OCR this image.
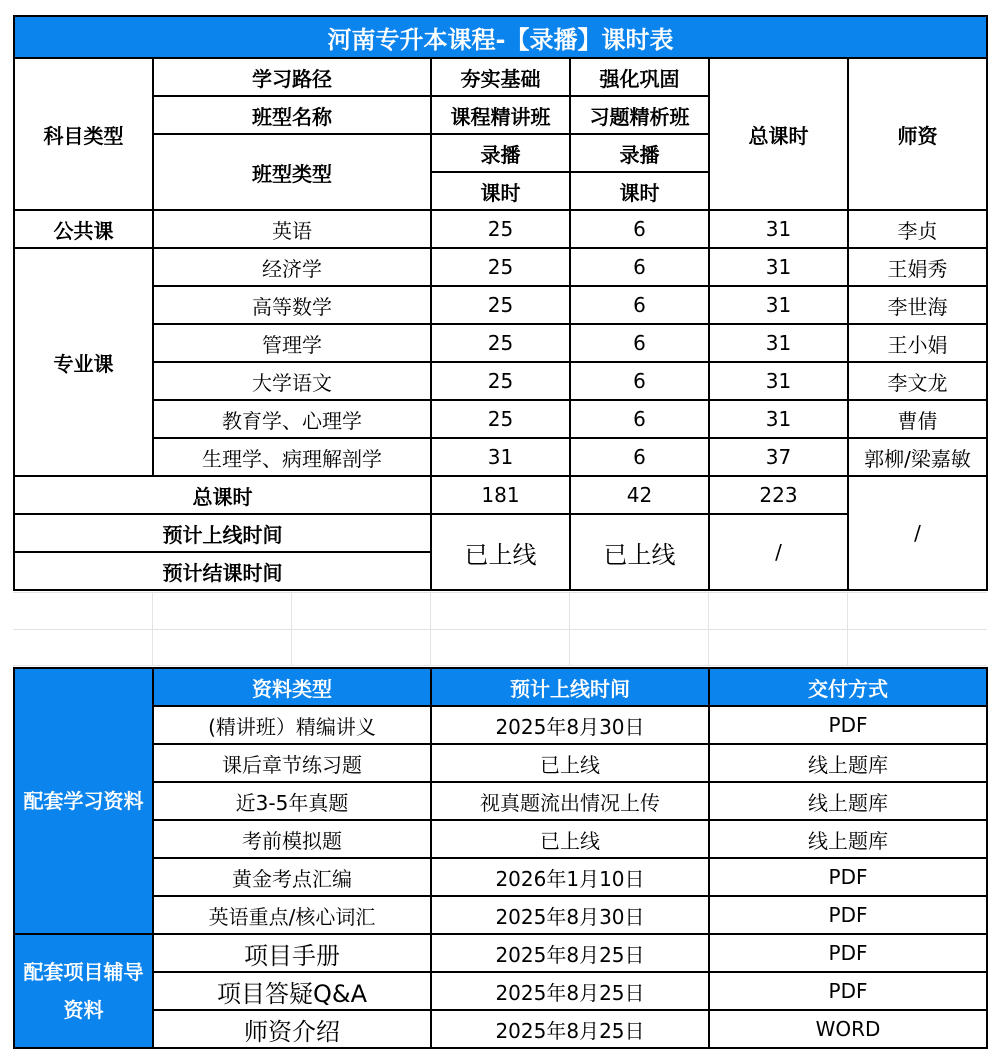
河南专升本课程-【录播】课时表					
科目类型	学习路径	夯实基础	强化巩固	总课时	师资
	班型名称	课程精讲班	习题精析班		
	班型类型	录播	录播		
		课时	课时		
公共课	英语	25	6	31	李贞
专业课	经济学	25	6	31	王娟秀
	高等数学	25	6	31	李世海
	管理学	25	6	31	王小娟
	大学语文	25	6	31	李文龙
	教育学、心理学	25	6	31	曹倩
	生理学、病理解剖学	31	6	37	郭柳/梁嘉敏
总课时		181	42	223	/
预计上线时间		已上线	已上线	/	
预计结课时间					
配套学习资料	资料类型	预计上线时间	交付方式
	(精讲班）精编讲义	2025年8月30日	PDF
	课后章节练习题	已上线	线上题库
	近3-5年真题	视真题流出情况上传	线上题库
	考前模拟题	已上线	线上题库
	黄金考点汇编	2026年1月10日	PDF
	英语重点/核心词汇	2025年8月30日	PDF
配套项目辅导资料	项目手册	2025年8月25日	PDF
	项目答疑Q&A	2025年8月25日	PDF
	师资介绍	2025年8月25日	WORD
